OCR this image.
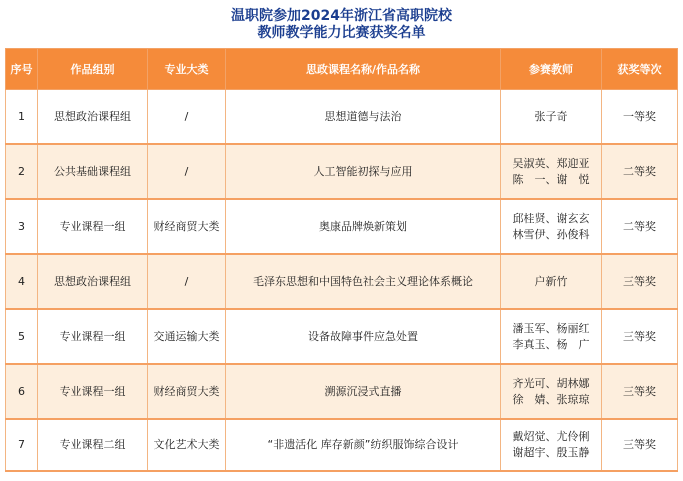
温职院参加2024年浙江省高职院校
教师教学能力比赛获奖名单
序号	作品组别	专业大类	思政课程名称/作品名称	参赛教师	获奖等次
1	思想政治课程组	/	思想道德与法治	张子奇	一等奖
2	公共基础课程组	/	人工智能初探与应用	吴淑英、郑迎亚
陈　一、谢　悦	二等奖
3	专业课程一组	财经商贸大类	奥康品牌焕新策划	邱桂贤、谢玄玄
林雪伊、孙俊科	二等奖
4	思想政治课程组	/	毛泽东思想和中国特色社会主义理论体系概论	户新竹	三等奖
5	专业课程一组	交通运输大类	设备故障事件应急处置	潘玉军、杨丽红
李真玉、杨　广	三等奖
6	专业课程一组	财经商贸大类	溯源沉浸式直播	齐光可、胡林娜
徐　婧、张琼琼	三等奖
7	专业课程二组	文化艺术大类	“非遗活化 库存新颜”纺织服饰综合设计	戴炤觉、尤伶俐
谢超宇、殷玉静	三等奖
